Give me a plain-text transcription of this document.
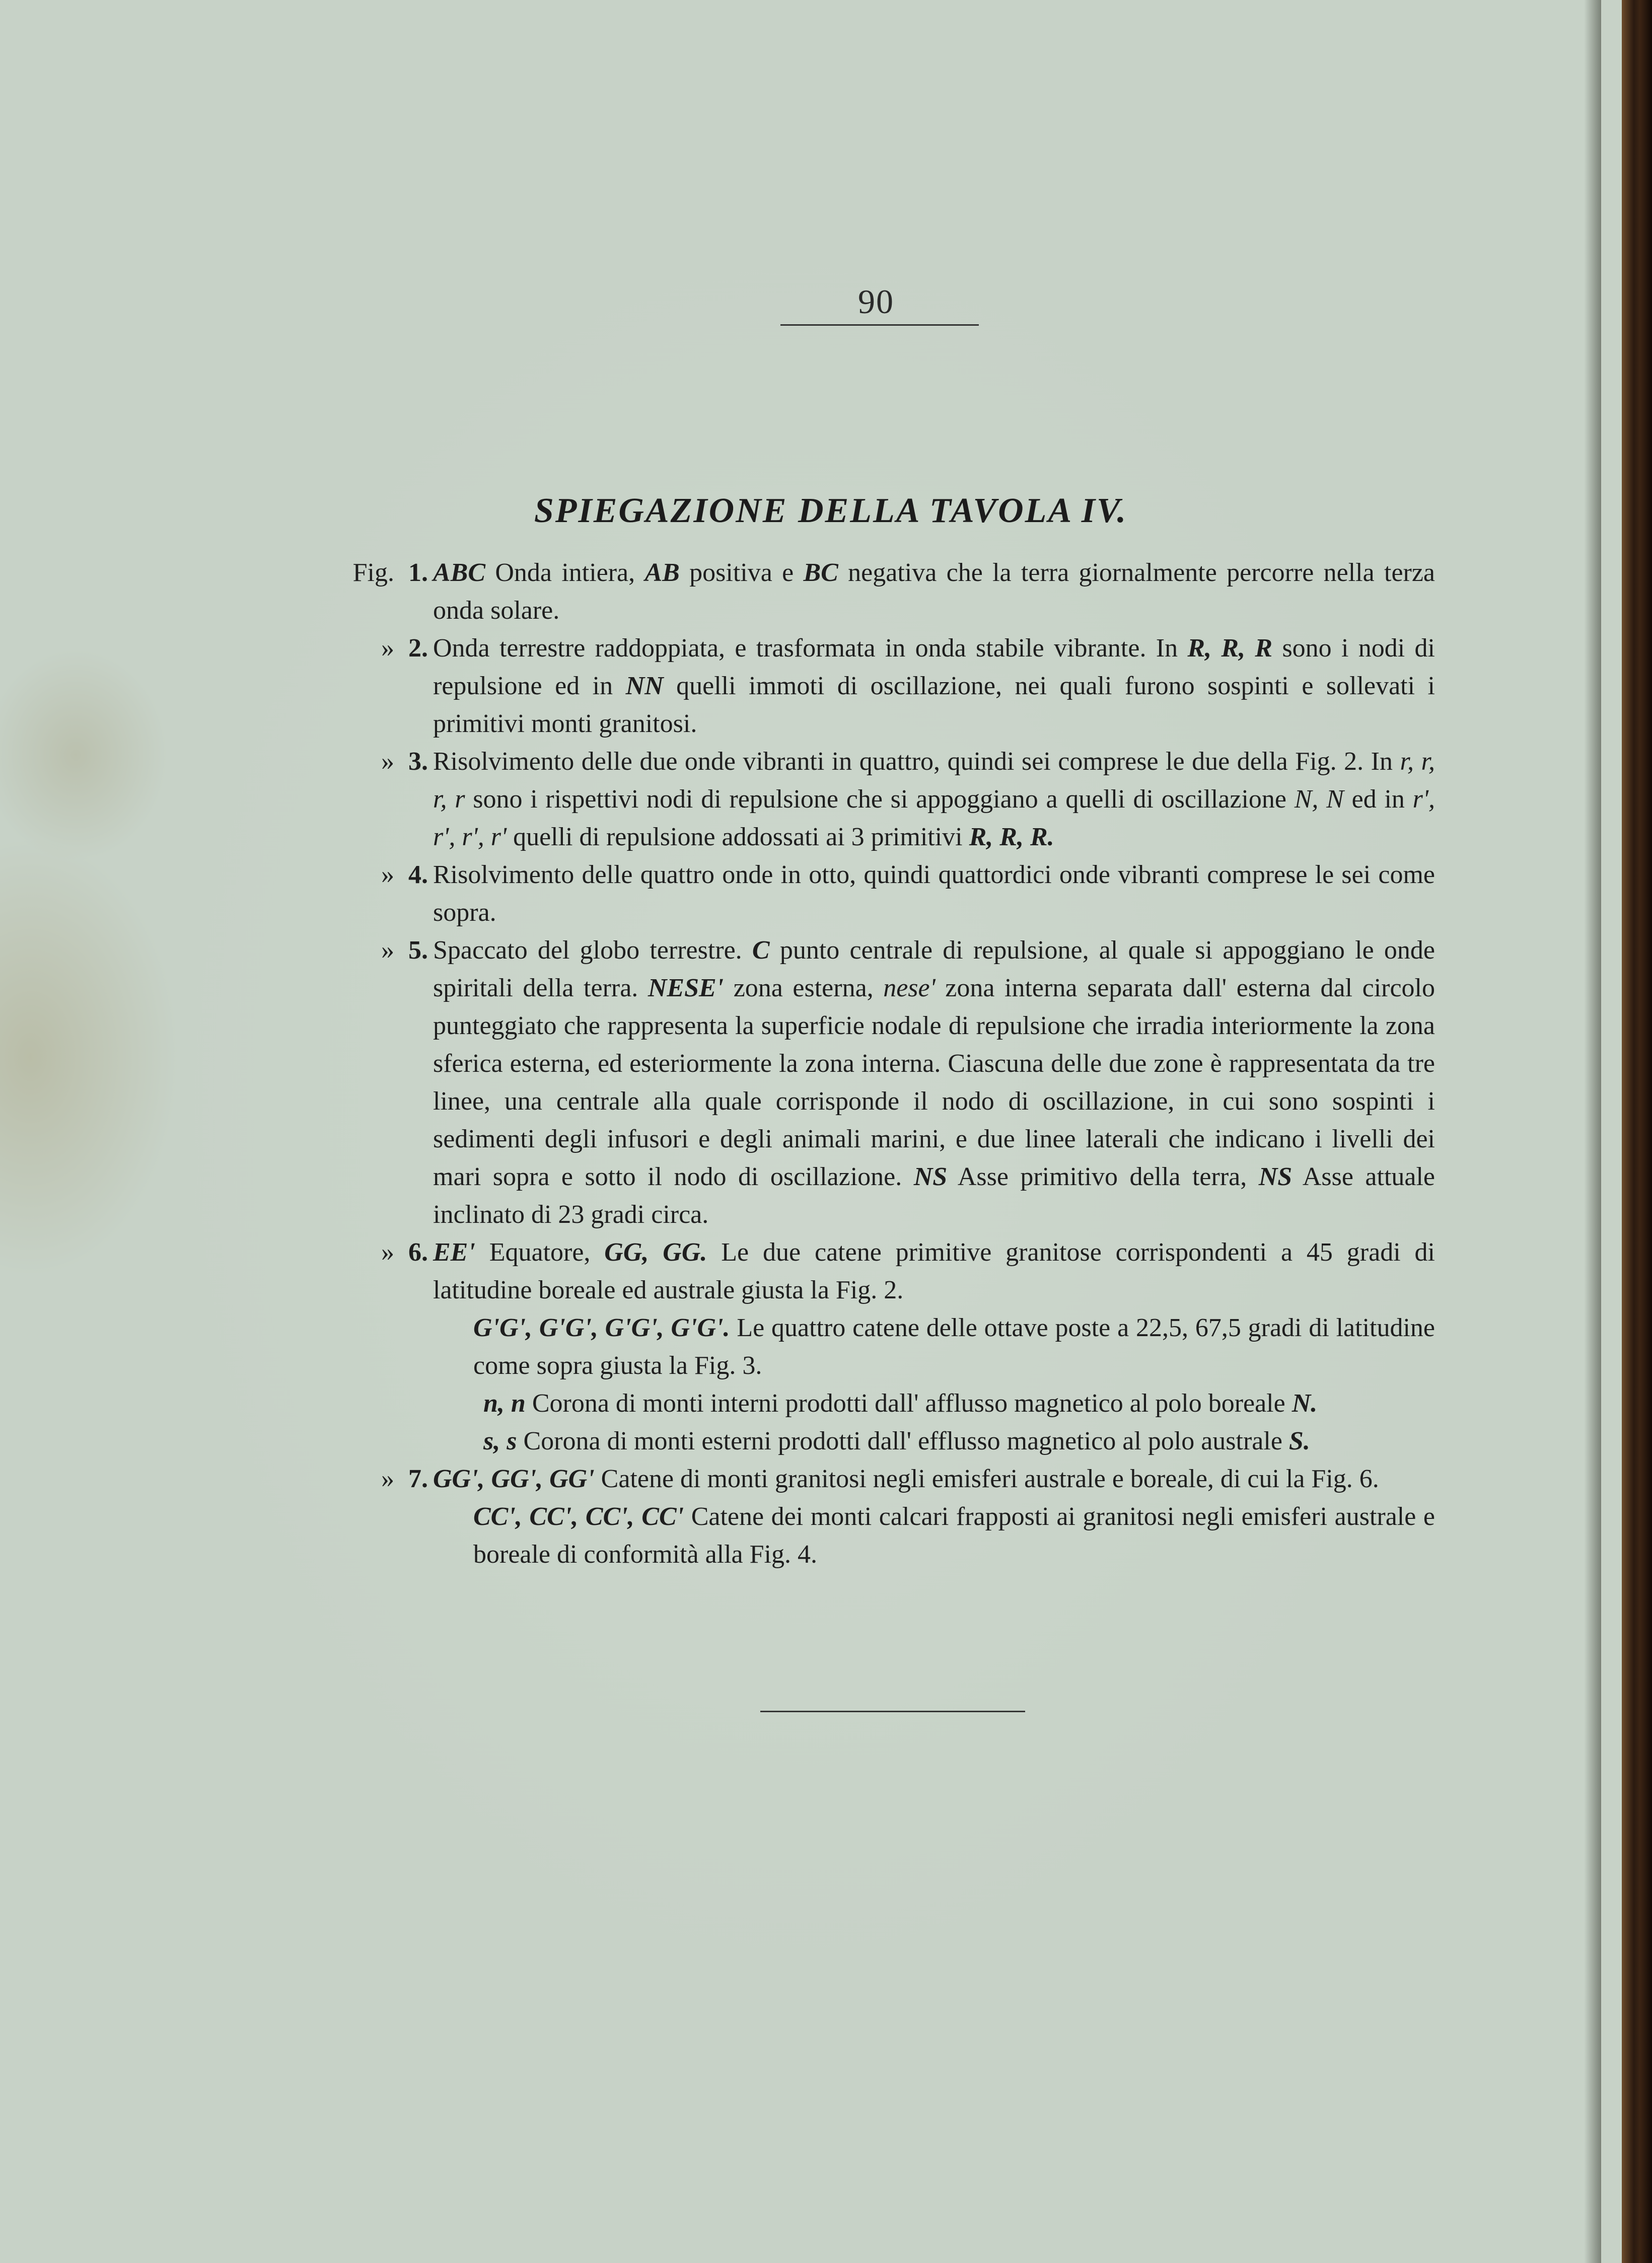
90
SPIEGAZIONE DELLA TAVOLA IV.
Fig. 1. ABC Onda intiera, AB positiva e BC negativa che la terra giornalmente percorre nella terza onda solare.
» 2. Onda terrestre raddoppiata, e trasformata in onda stabile vibrante. In R, R, R sono i nodi di repulsione ed in NN quelli immoti di oscillazione, nei quali furono sospinti e sollevati i primitivi monti granitosi.
» 3. Risolvimento delle due onde vibranti in quattro, quindi sei comprese le due della Fig. 2. In r, r, r, r sono i rispettivi nodi di repulsione che si appoggiano a quelli di oscillazione N, N ed in r', r', r', r' quelli di repulsione addossati ai 3 primitivi R, R, R.
» 4. Risolvimento delle quattro onde in otto, quindi quattordici onde vibranti comprese le sei come sopra.
» 5. Spaccato del globo terrestre. C punto centrale di repulsione, al quale si appoggiano le onde spiritali della terra. NESE' zona esterna, nese' zona interna separata dall' esterna dal circolo punteggiato che rappresenta la superficie nodale di repulsione che irradia interiormente la zona sferica esterna, ed esteriormente la zona interna. Ciascuna delle due zone è rappresentata da tre linee, una centrale alla quale corrisponde il nodo di oscillazione, in cui sono sospinti i sedimenti degli infusori e degli animali marini, e due linee laterali che indicano i livelli dei mari sopra e sotto il nodo di oscillazione. NS Asse primitivo della terra, NS Asse attuale inclinato di 23 gradi circa.
» 6. EE' Equatore, GG, GG. Le due catene primitive granitose corrispondenti a 45 gradi di latitudine boreale ed australe giusta la Fig. 2.
G'G', G'G', G'G', G'G'. Le quattro catene delle ottave poste a 22,5, 67,5 gradi di latitudine come sopra giusta la Fig. 3.
n, n Corona di monti interni prodotti dall' afflusso magnetico al polo boreale N.
s, s Corona di monti esterni prodotti dall' efflusso magnetico al polo australe S.
» 7. GG', GG', GG' Catene di monti granitosi negli emisferi australe e boreale, di cui la Fig. 6.
CC', CC', CC', CC' Catene dei monti calcari frapposti ai granitosi negli emisferi australe e boreale di conformità alla Fig. 4.
